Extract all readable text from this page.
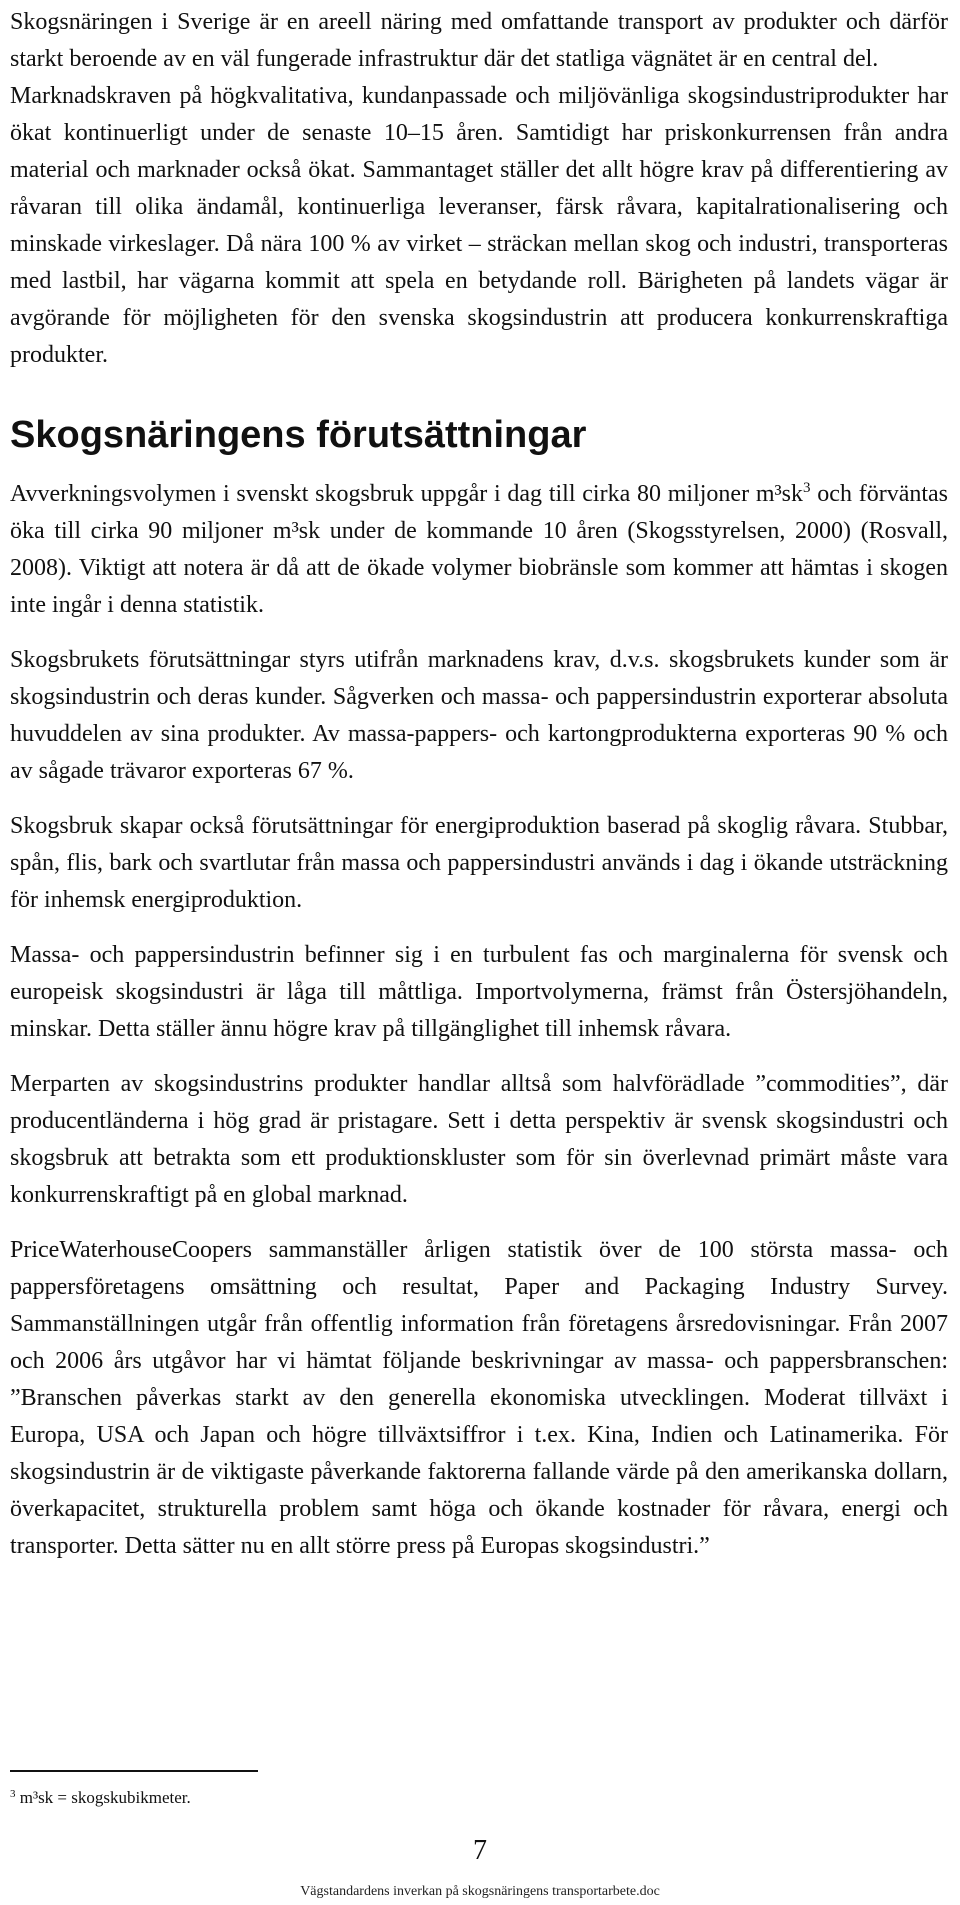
Skogsnäringen i Sverige är en areell näring med omfattande transport av produkter och därför starkt beroende av en väl fungerade infrastruktur där det statliga vägnätet är en central del.

Marknadskraven på högkvalitativa, kundanpassade och miljövänliga skogsindustriprodukter har ökat kontinuerligt under de senaste 10–15 åren. Samtidigt har priskonkurrensen från andra material och marknader också ökat. Sammantaget ställer det allt högre krav på differentiering av råvaran till olika ändamål, kontinuerliga leveranser, färsk råvara, kapitalrationalisering och minskade virkeslager. Då nära 100 % av virket – sträckan mellan skog och industri, transporteras med lastbil, har vägarna kommit att spela en betydande roll. Bärigheten på landets vägar är avgörande för möjligheten för den svenska skogsindustrin att producera konkurrenskraftiga produkter.

Skogsnäringens förutsättningar

Avverkningsvolymen i svenskt skogsbruk uppgår i dag till cirka 80 miljoner $m^3sk^3$ och förväntas öka till cirka 90 miljoner m³sk under de kommande 10 åren (Skogsstyrelsen, 2000) (Rosvall, 2008). Viktigt att notera är då att de ökade volymer biobränsle som kommer att hämtas i skogen inte ingår i denna statistik.

Skogsbrukets förutsättningar styrs utifrån marknadens krav, d.v.s. skogsbrukets kunder som är skogsindustrin och deras kunder. Sågverken och massa- och pappersindustrin exporterar absoluta huvuddelen av sina produkter. Av massa-pappers- och kartongprodukterna exporteras 90 % och av sågade trävaror exporteras 67 %.

Skogsbruk skapar också förutsättningar för energiproduktion baserad på skoglig råvara. Stubbar, spån, flis, bark och svartlutar från massa och pappersindustri används i dag i ökande utsträckning för inhemsk energiproduktion.

Massa- och pappersindustrin befinner sig i en turbulent fas och marginalerna för svensk och europeisk skogsindustri är låga till måttliga. Importvolymerna, främst från Östersjöhandeln, minskar. Detta ställer ännu högre krav på tillgänglighet till inhemsk råvara.

Merparten av skogsindustrins produkter handlar alltså som halvförädlade ”commodities”, där producentländerna i hög grad är pristagare. Sett i detta perspektiv är svensk skogsindustri och skogsbruk att betrakta som ett produktionskluster som för sin överlevnad primärt måste vara konkurrenskraftigt på en global marknad.

PriceWaterhouseCoopers sammanställer årligen statistik över de 100 största massa- och pappersföretagens omsättning och resultat, Paper and Packaging Industry Survey. Sammanställningen utgår från offentlig information från företagens årsredovisningar. Från 2007 och 2006 års utgåvor har vi hämtat följande beskrivningar av massa- och pappersbranschen: ”Branschen påverkas starkt av den generella ekonomiska utvecklingen. Moderat tillväxt i Europa, USA och Japan och högre tillväxtsiffror i t.ex. Kina, Indien och Latinamerika. För skogsindustrin är de viktigaste påverkande faktorerna fallande värde på den amerikanska dollarn, överkapacitet, strukturella problem samt höga och ökande kostnader för råvara, energi och transporter. Detta sätter nu en allt större press på Europas skogsindustri.”

$^3$ m³sk = skogskubikmeter.
7
Vägstandardens inverkan på skogsnäringens transportarbete.doc
